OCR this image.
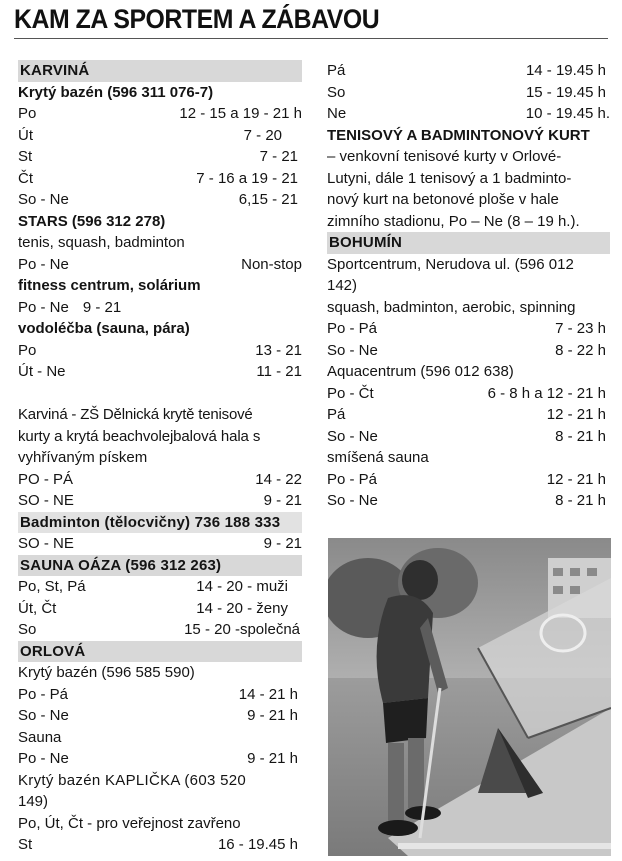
KAM ZA SPORTEM A ZÁBAVOU
KARVINÁ
Krytý bazén (596 311 076-7)
Po	12 - 15 a 19 - 21 h
Út	7 - 20
St	7 - 21
Čt	7 - 16 a 19 - 21
So - Ne	6,15 - 21
STARS (596 312 278)
tenis, squash, badminton
Po - Ne	Non-stop
fitness centrum, solárium
Po - Ne 9 - 21
vodoléčba (sauna, pára)
Po	13 - 21
Út - Ne	11 - 21
Karviná - ZŠ Dělnická krytě tenisové
kurty a krytá beachvolejbalová hala s
vyhřívaným pískem
PO - PÁ	14 - 22
SO - NE	9 - 21
Badminton (tělocvičny) 736 188 333
SO - NE	9 - 21
SAUNA OÁZA (596 312 263)
Po, St, Pá	14 - 20 - muži
Út, Čt	14 - 20 - ženy
So	15 - 20 -společná
ORLOVÁ
Krytý bazén (596 585 590)
Po - Pá	14 - 21 h
So - Ne	9 - 21 h
Sauna
Po - Ne	9 - 21 h
Krytý bazén KAPLIČKA (603 520
149)
Po, Út, Čt - pro veřejnost zavřeno
St	16 - 19.45 h
Pá	14 - 19.45 h
So	15 - 19.45 h
Ne	10 - 19.45 h.
TENISOVÝ A BADMINTONOVÝ KURT
– venkovní tenisové kurty v Orlové-
Lutyni, dále 1 tenisový a 1 badminto-
nový kurt na betonové ploše v hale
zimního stadionu, Po – Ne (8 – 19 h.).
BOHUMÍN
Sportcentrum, Nerudova ul. (596 012
142)
squash, badminton, aerobic, spinning
Po - Pá	7 - 23 h
So - Ne	8 - 22 h
Aquacentrum (596 012 638)
Po - Čt	6 - 8 h a 12 - 21 h
Pá	12 - 21 h
So - Ne	8 - 21 h
smíšená sauna
Po - Pá	12 - 21 h
So - Ne	8 - 21 h
